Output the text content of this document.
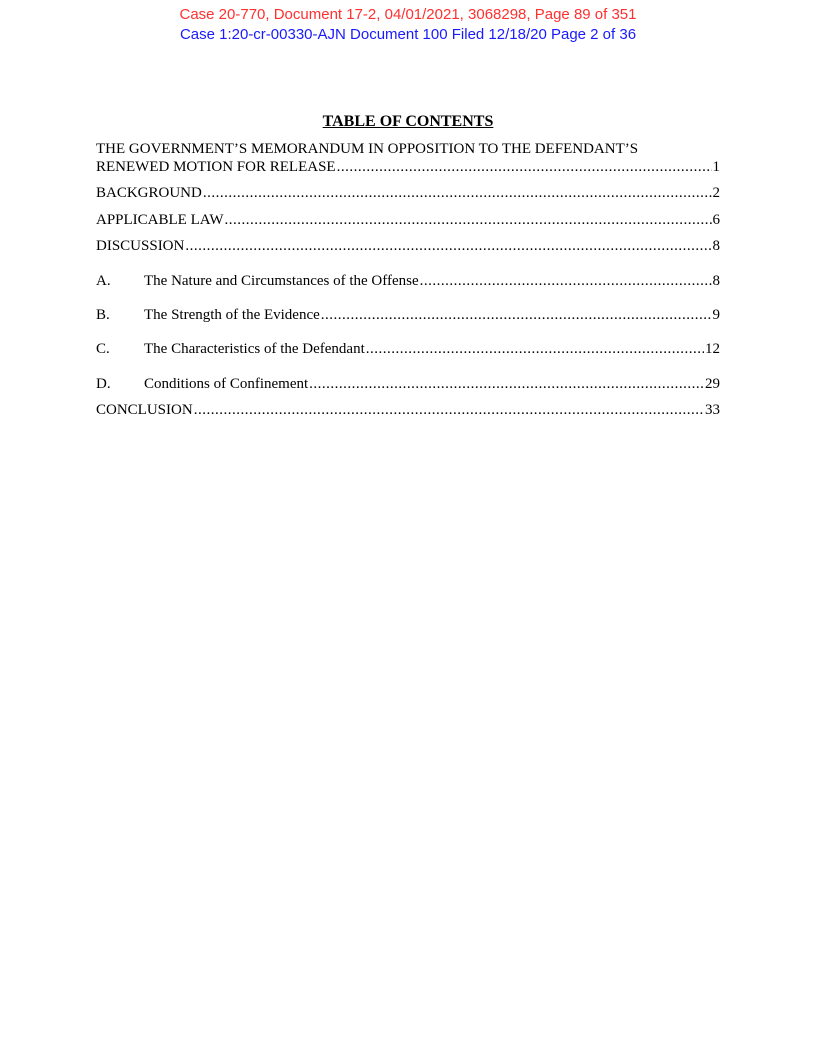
Case 20-770, Document 17-2, 04/01/2021, 3068298, Page 89 of 351
Case 1:20-cr-00330-AJN Document 100 Filed 12/18/20 Page 2 of 36
TABLE OF CONTENTS
THE GOVERNMENT’S MEMORANDUM IN OPPOSITION TO THE DEFENDANT’S
RENEWED MOTION FOR RELEASE .....	1
BACKGROUND .....	2
APPLICABLE LAW .....	6
DISCUSSION .....	8
A. The Nature and Circumstances of the Offense .....	8
B. The Strength of the Evidence .....	9
C. The Characteristics of the Defendant .....	12
D. Conditions of Confinement .....	29
CONCLUSION .....	33
